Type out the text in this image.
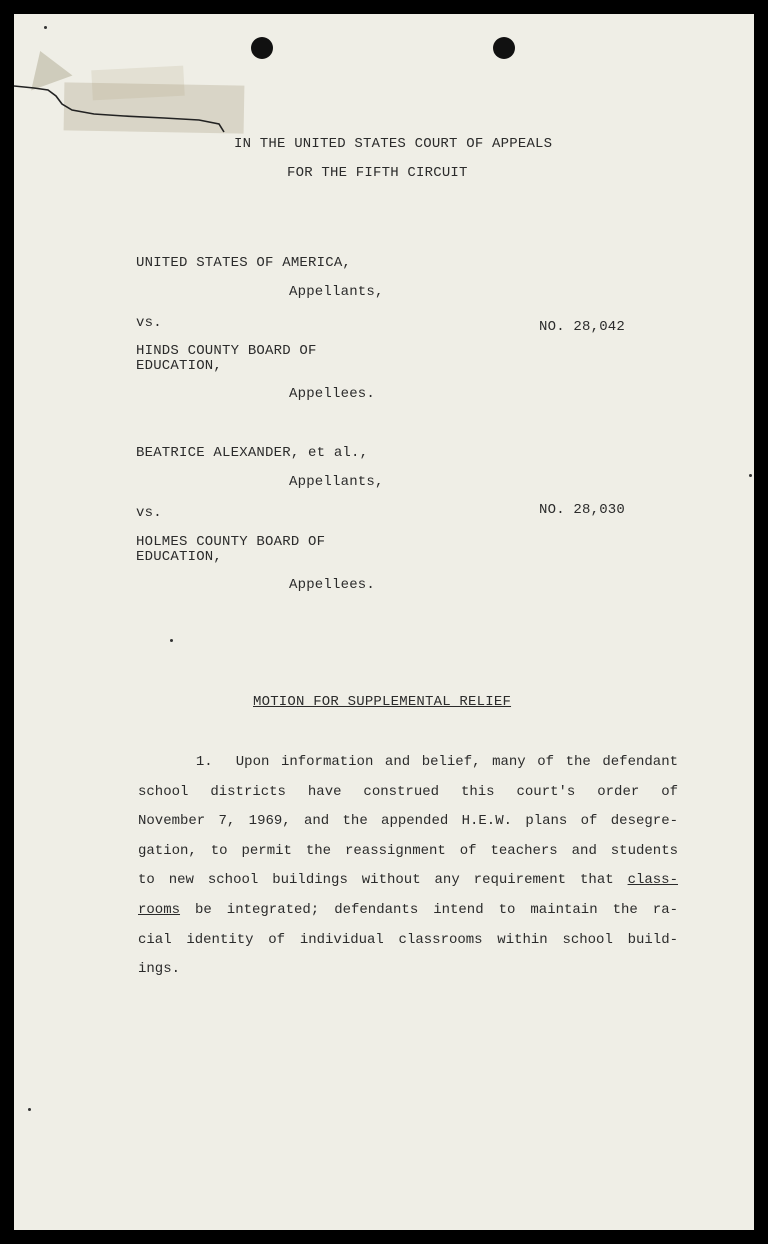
IN THE UNITED STATES COURT OF APPEALS
FOR THE FIFTH CIRCUIT
UNITED STATES OF AMERICA,
Appellants,
vs.	NO. 28,042
HINDS COUNTY BOARD OF
EDUCATION,
Appellees.
BEATRICE ALEXANDER, et al.,
Appellants,
vs.	NO. 28,030
HOLMES COUNTY BOARD OF
EDUCATION,
Appellees.
MOTION FOR SUPPLEMENTAL RELIEF
1.  Upon information and belief, many of the defendant
school districts have construed this court's order of
November 7, 1969, and the appended H.E.W. plans of desegre-
gation, to permit the reassignment of teachers and students
to new school buildings without any requirement that class-
rooms be integrated; defendants intend to maintain the ra-
cial identity of individual classrooms within school build-
ings.
